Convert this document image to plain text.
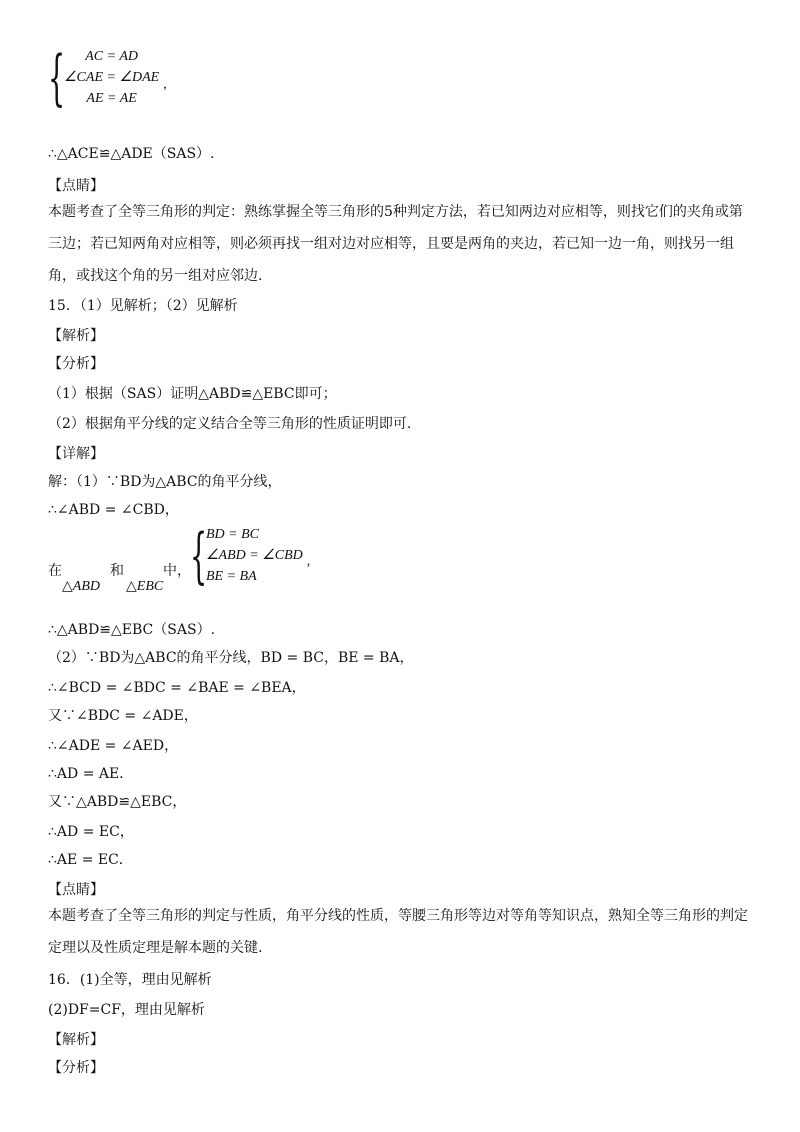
{	AC = AD
∠CAE = ∠DAE
AE = AE
,
∴△ACE≌△ADE（SAS）.
【点睛】
本题考查了全等三角形的判定：熟练掌握全等三角形的5种判定方法，若已知两边对应相等，则找它们的夹角或第三边；若已知两角对应相等，则必须再找一组对边对应相等，且要是两角的夹边，若已知一边一角，则找另一组角，或找这个角的另一组对应邻边.
15．（1）见解析；（2）见解析
【解析】
【分析】
（1）根据（SAS）证明△ABD≌△EBC即可；
（2）根据角平分线的定义结合全等三角形的性质证明即可.
【详解】
解：（1）∵BD为△ABC的角平分线，
∴∠ABD = ∠CBD，
在
△ABD
和
△EBC
中， {
BD = BC
∠ABD = ∠CBD
BE = BA
,
∴△ABD≌△EBC（SAS）.
（2）∵BD为△ABC的角平分线，BD = BC，BE = BA，
∴∠BCD = ∠BDC = ∠BAE = ∠BEA，
又∵∠BDC = ∠ADE，
∴∠ADE = ∠AED，
∴AD = AE．
又∵△ABD≌△EBC，
∴AD = EC，
∴AE = EC．
【点睛】
本题考查了全等三角形的判定与性质，角平分线的性质，等腰三角形等边对等角等知识点，熟知全等三角形的判定定理以及性质定理是解本题的关键.
16．(1)全等，理由见解析
(2)DF=CF，理由见解析
【解析】
【分析】
